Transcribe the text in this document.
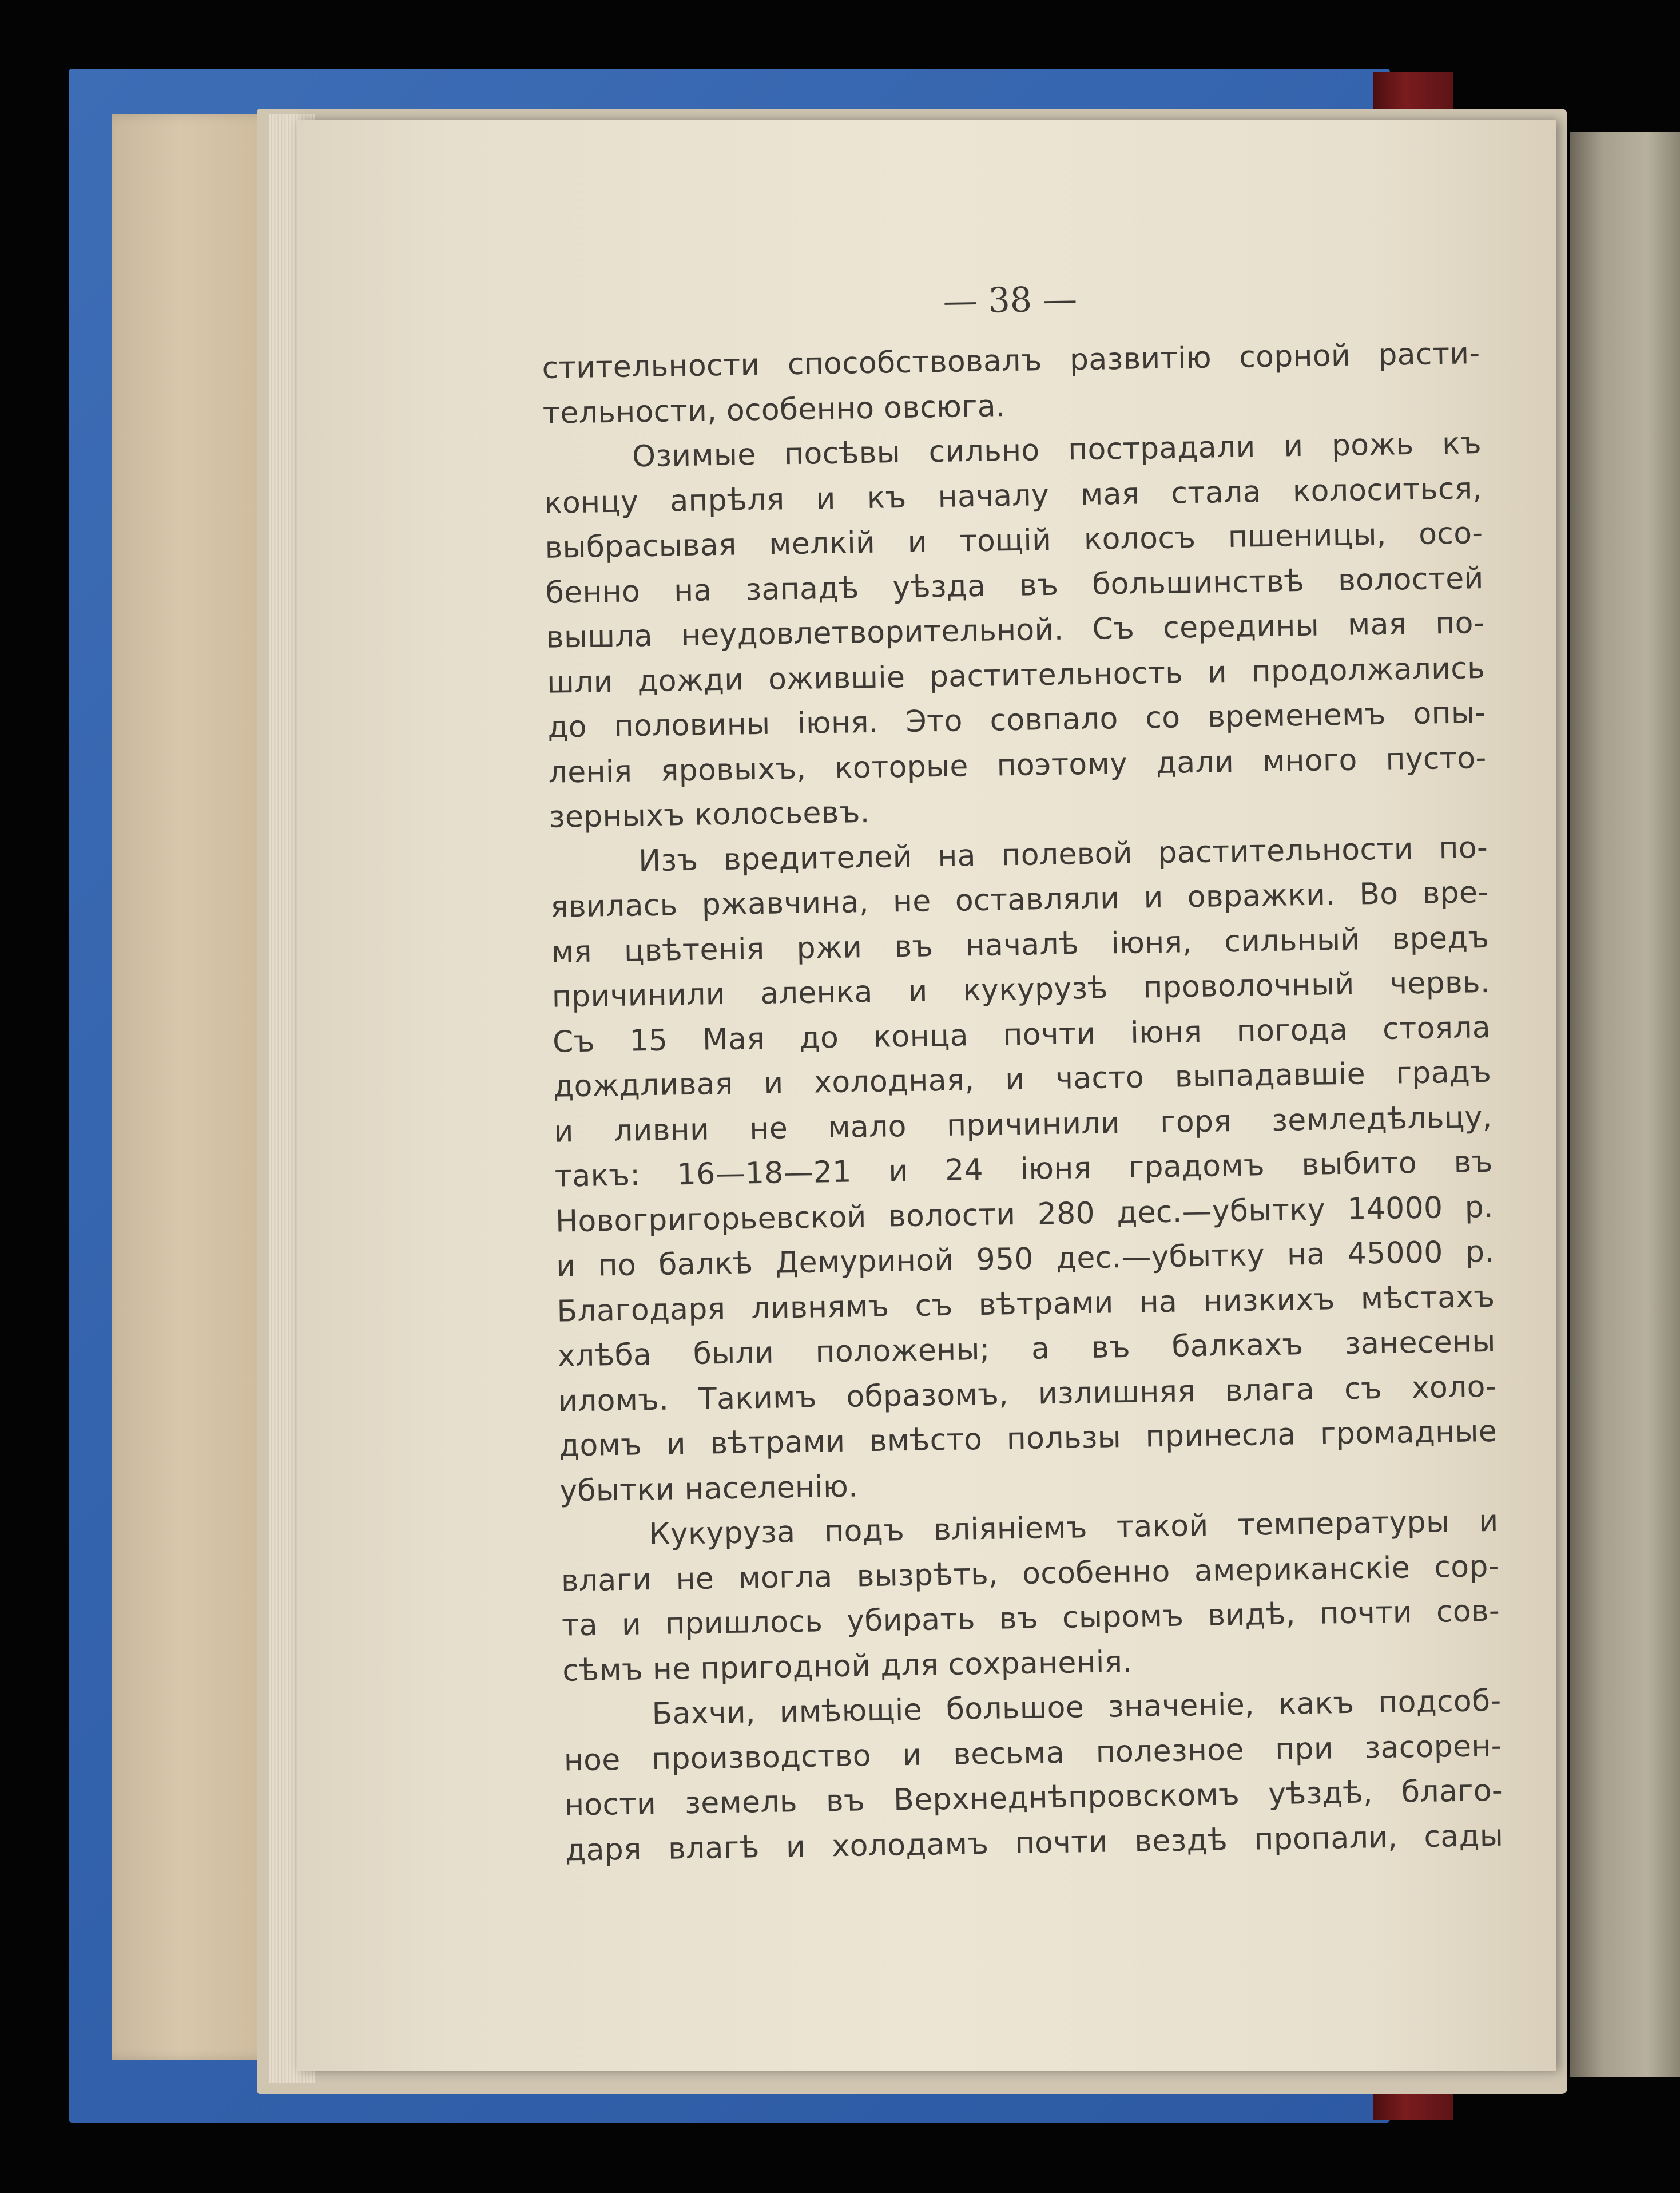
— 38 —
стительности способствовалъ развитію сорной расти-
тельности, особенно овсюга.
Озимые посѣвы сильно пострадали и рожь къ
концу апрѣля и къ началу мая стала колоситься,
выбрасывая мелкій и тощій колосъ пшеницы, осо-
бенно на западѣ уѣзда въ большинствѣ волостей
вышла неудовлетворительной. Съ середины мая по-
шли дожди ожившіе растительность и продолжались
до половины іюня. Это совпало со временемъ опы-
ленія яровыхъ, которые поэтому дали много пусто-
зерныхъ колосьевъ.
Изъ вредителей на полевой растительности по-
явилась ржавчина, не оставляли и овражки. Во вре-
мя цвѣтенія ржи въ началѣ іюня, сильный вредъ
причинили аленка и кукурузѣ проволочный червь.
Съ 15 Мая до конца почти іюня погода стояла
дождливая и холодная, и часто выпадавшіе градъ
и ливни не мало причинили горя земледѣльцу,
такъ: 16—18—21 и 24 іюня градомъ выбито въ
Новогригорьевской волости 280 дес.—убытку 14000 р.
и по балкѣ Демуриной 950 дес.—убытку на 45000 р.
Благодаря ливнямъ съ вѣтрами на низкихъ мѣстахъ
хлѣба были положены; а въ балкахъ занесены
иломъ. Такимъ образомъ, излишняя влага съ холо-
домъ и вѣтрами вмѣсто пользы принесла громадные
убытки населенію.
Кукуруза подъ вліяніемъ такой температуры и
влаги не могла вызрѣть, особенно американскіе сор-
та и пришлось убирать въ сыромъ видѣ, почти сов-
сѣмъ не пригодной для сохраненія.
Бахчи, имѣющіе большое значеніе, какъ подсоб-
ное производство и весьма полезное при засорен-
ности земель въ Верхнеднѣпровскомъ уѣздѣ, благо-
даря влагѣ и холодамъ почти вездѣ пропали, сады
